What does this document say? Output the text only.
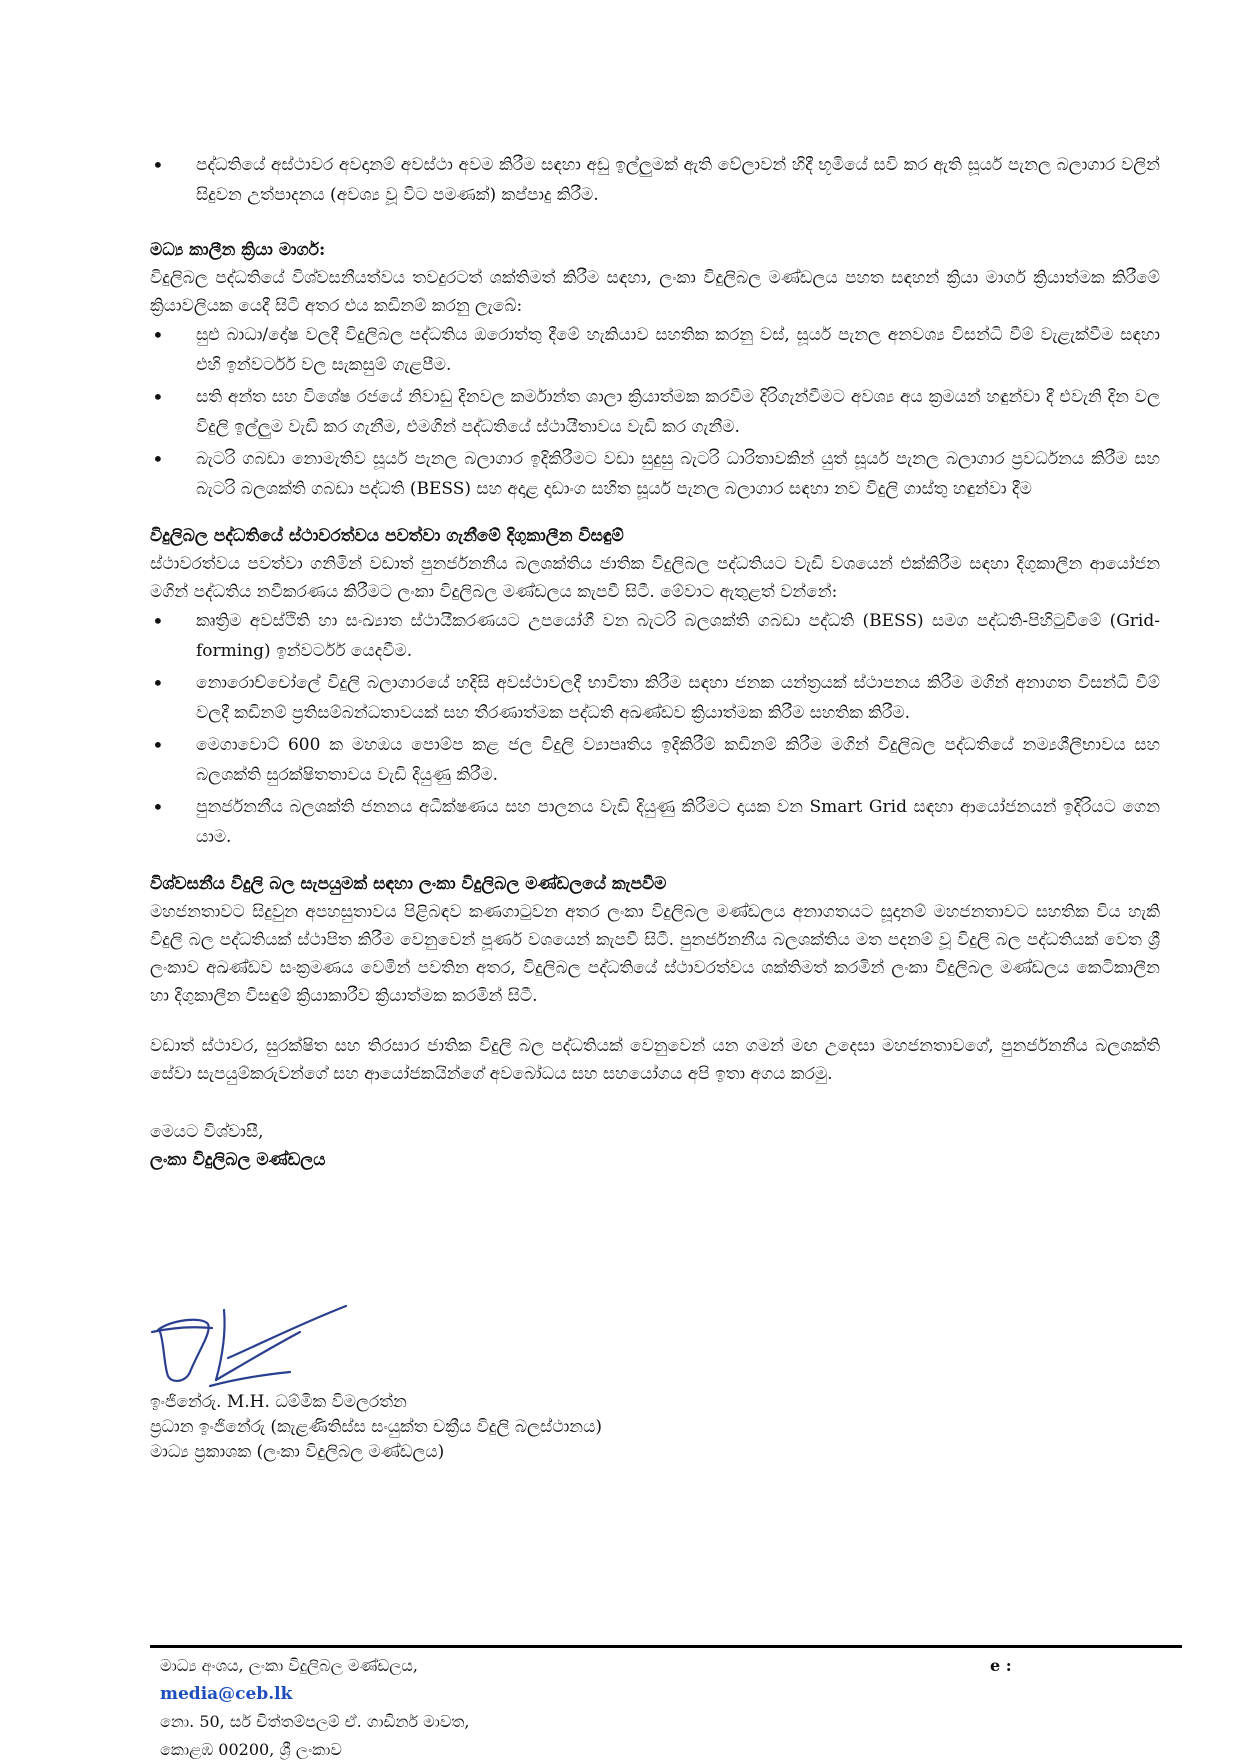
• පද්ධතියේ අස්ථාවර අවදානම් අවස්ථා අවම කිරීම සඳහා අඩු ඉල්ලුමක් ඇති වේලාවන් හිදී භූමියේ සවි කර ඇති සූර්ය පැනල බලාගාර වලින් සිදුවන උත්පාදනය (අවශ්‍ය වූ විට පමණක්) කප්පාදු කිරීම.
මධ්‍ය කාලීන ක්‍රියා මාර්ග:
විදුලිබල පද්ධතියේ විශ්වසනීයත්වය තවදුරටත් ශක්තිමත් කිරීම සඳහා, ලංකා විදුලිබල මණ්ඩලය පහත සඳහන් ක්‍රියා මාර්ග ක්‍රියාත්මක කිරීමේ ක්‍රියාවලියක යෙදී සිටි අතර එය කඩිනම් කරනු ලැබේ:
• සුළු බාධා/දෝෂ වලදී විදුලිබල පද්ධතිය ඔරොත්තු දීමේ හැකියාව සහතික කරනු වස්, සූර්ය පැනල අනවශ්‍ය විසන්ධි වීම් වැළැක්වීම සඳහා එහි ඉන්වර්ටර් වල සැකසුම් ගැළපීම.
• සති අන්ත සහ විශේෂ රජයේ නිවාඩු දිනවල කර්මාන්ත ශාලා ක්‍රියාත්මක කරවීම දිරිගැන්වීමට අවශ්‍ය අය ක්‍රමයන් හඳුන්වා දී එවැනි දින වල විදුලි ඉල්ලුම වැඩි කර ගැනීම, එමගින් පද්ධතියේ ස්ථායීතාවය වැඩි කර ගැනීම.
• බැටරි ගබඩා නොමැතිව සූර්ය පැනල බලාගාර ඉදිකිරීමට වඩා සුදුසු බැටරි ධාරිතාවකින් යුත් සූර්ය පැනල බලාගාර ප්‍රවර්ධනය කිරීම සහ බැටරි බලශක්ති ගබඩා පද්ධති (BESS) සහ අදාළ දෘඩාංග සහිත සූර්ය පැනල බලාගාර සඳහා නව විදුලි ගාස්තු හඳුන්වා දීම
විදුලිබල පද්ධතියේ ස්ථාවරත්වය පවත්වා ගැනීමේ දිගුකාලීන විසඳුම්
ස්ථාවරත්වය පවත්වා ගනිමින් වඩාත් පුනර්ජනනීය බලශක්තිය ජාතික විදුලිබල පද්ධතියට වැඩි වශයෙන් එක්කිරීම සඳහා දිගුකාලීන ආයෝජන මගින් පද්ධතිය නවීකරණය කිරීමට ලංකා විදුලිබල මණ්ඩලය කැපවී සිටී. මේවාට ඇතුළත් වන්නේ:
• කෘත්‍රිම අවස්ථිති හා සංඛ්‍යාත ස්ථායීකරණයට උපයෝගී වන බැටරි බලශක්ති ගබඩා පද්ධති (BESS) සමග පද්ධති-පිහිටුවීමේ (Grid-forming) ඉන්වර්ටර් යෙදවීම.
• නොරොච්චෝලේ විදුලි බලාගාරයේ හදිසි අවස්ථාවලදී භාවිතා කිරීම සඳහා ජනක යන්ත්‍රයක් ස්ථාපනය කිරීම මගින් අනාගත විසන්ධි වීම් වලදී කඩිනම් ප්‍රතිසම්බන්ධතාවයක් සහ තීරණාත්මක පද්ධති අඛණ්ඩව ක්‍රියාත්මක කිරීම සහතික කිරීම.
• මෙගාවොට් 600 ක මහඔය පොම්ප කළ ජල විදුලි ව්‍යාපෘතිය ඉදිකිරීම් කඩිනම් කිරීම මගින් විදුලිබල පද්ධතියේ නම්‍යශීලීභාවය සහ බලශක්ති සුරක්ෂිතතාවය වැඩි දියුණු කිරීම.
• පුනර්ජනනීය බලශක්ති ජනනය අධීක්ෂණය සහ පාලනය වැඩි දියුණු කිරීමට දායක වන Smart Grid සඳහා ආයෝජනයන් ඉදිරියට ගෙන යාම.
විශ්වසනීය විදුලි බල සැපයුමක් සඳහා ලංකා විදුලිබල මණ්ඩලයේ කැපවීම
මහජනතාවට සිදුවුන අපහසුතාවය පිළිබඳව කණගාටුවන අතර ලංකා විදුලිබල මණ්ඩලය අනාගතයට සූදානම් මහජනතාවට සහතික විය හැකි විදුලි බල පද්ධතියක් ස්ථාපිත කිරීම වෙනුවෙන් පූර්ණ වශයෙන් කැපවී සිටී. පුනර්ජනනීය බලශක්තිය මත පදනම් වූ විදුලි බල පද්ධතියක් වෙත ශ්‍රී ලංකාව අඛණ්ඩව සංක්‍රමණය වෙමින් පවතින අතර, විදුලිබල පද්ධතියේ ස්ථාවරත්වය ශක්තිමත් කරමින් ලංකා විදුලිබල මණ්ඩලය කෙටිකාලීන හා දිගුකාලීන විසඳුම් ක්‍රියාකාරීව ක්‍රියාත්මක කරමින් සිටී.
වඩාත් ස්ථාවර, සුරක්ෂිත සහ තිරසාර ජාතික විදුලි බල පද්ධතියක් වෙනුවෙන් යන ගමන් මඟ උදෙසා මහජනතාවගේ, පුනර්ජනනීය බලශක්ති සේවා සැපයුම්කරුවන්ගේ සහ ආයෝජකයින්ගේ අවබෝධය සහ සහයෝගය අපි ඉතා අගය කරමු.
මෙයට විශ්වාසී,
ලංකා විදුලිබල මණ්ඩලය
ඉංජිනේරු. M.H. ධම්මික විමලරත්න
ප්‍රධාන ඉංජිනේරු (කැළණිතිස්ස සංයුක්ත චක්‍රීය විදුලි බලස්ථානය)
මාධ්‍ය ප්‍රකාශක (ලංකා විදුලිබල මණ්ඩලය)
මාධ්‍ය අංශය, ලංකා විදුලිබල මණ්ඩලය,
media@ceb.lk
නො. 50, සර් චිත්තම්පලම් ඒ. ගාඩිනර් මාවත,
කොළඹ 00200, ශ්‍රී ලංකාව
e :
